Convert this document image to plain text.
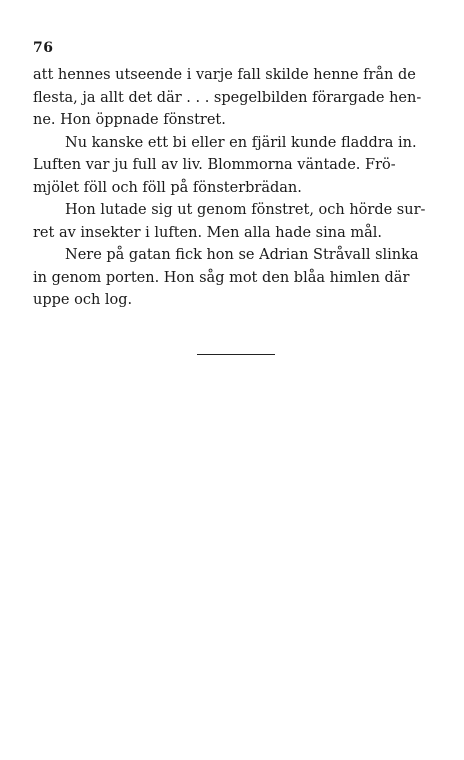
76

att hennes utseende i varje fall skilde henne från de
flesta, ja allt det där . . . spegelbilden förargade hen-
ne. Hon öppnade fönstret.

Nu kanske ett bi eller en fjäril kunde fladdra in.
Luften var ju full av liv. Blommorna väntade. Frö-
mjölet föll och föll på fönsterbrädan.

Hon lutade sig ut genom fönstret, och hörde sur-
ret av insekter i luften. Men alla hade sina mål.

Nere på gatan fick hon se Adrian Stråvall slinka
in genom porten. Hon såg mot den blåa himlen där
uppe och log.
